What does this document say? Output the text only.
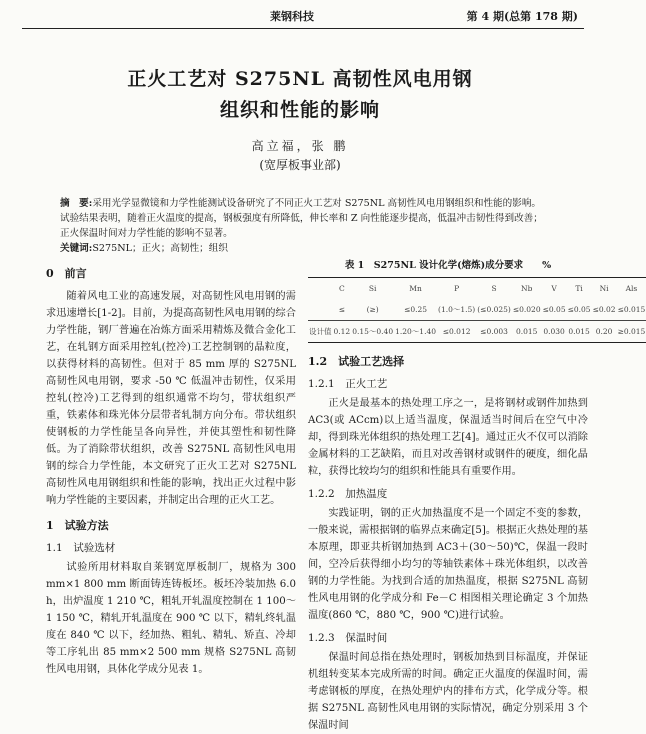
莱钢科技	第 4 期(总第 178 期)
正火工艺对 S275NL 高韧性风电用钢
组织和性能的影响
高立福，张 鹏
(宽厚板事业部)
摘　要:采用光学显微镜和力学性能测试设备研究了不同正火工艺对 S275NL 高韧性风电用钢组织和性能的影响。试验结果表明，随着正火温度的提高，钢板强度有所降低，伸长率和 Z 向性能逐步提高，低温冲击韧性得到改善；正火保温时间对力学性能的影响不显著。
关键词:S275NL；正火；高韧性；组织
0　前言

随着风电工业的高速发展，对高韧性风电用钢的需求迅速增长[1-2]。目前，为提高高韧性风电用钢的综合力学性能，钢厂普遍在冶炼方面采用精炼及微合金化工艺，在轧钢方面采用控轧(控冷)工艺控制钢的晶粒度，以获得材料的高韧性。但对于 85 mm 厚的 S275NL 高韧性风电用钢，要求 -50 ℃ 低温冲击韧性，仅采用控轧(控冷)工艺得到的组织通常不均匀，带状组织严重，铁素体和珠光体分层带者轧制方向分布。带状组织使钢板的力学性能呈各向异性，并使其塑性和韧性降低。为了消除带状组织，改善 S275NL 高韧性风电用钢的综合力学性能，本文研究了正火工艺对 S275NL 高韧性风电用钢组织和性能的影响，找出正火过程中影响力学性能的主要因素，并制定出合理的正火工艺。

1　试验方法
1.1　试验选材

试验所用材料取自莱钢宽厚板制厂，规格为 300 mm×1 800 mm 断面铸连铸板坯。板坯冷装加热 6.0 h，出炉温度 1 210 ℃，粗轧开轧温度控制在 1 100～1 150 ℃，精轧开轧温度在 900 ℃ 以下，精轧终轧温度在 840 ℃ 以下，经加热、粗轧、精轧、矫直、冷却等工序轧出 85 mm×2 500 mm 规格 S275NL 高韧性风电用钢，具体化学成分见表 1。

表 1　S275NL 设计化学(熔炼)成分要求　　%
	C	Si	Mn	P	S	Nb	V	Ti	Ni	Als
	≤	(≥)	≤0.25	(1.0～1.5)	(≤0.025)	≤0.020	≤0.05	≤0.05	≤0.02	≤0.015
设计值	0.12	0.15～0.40	1.20～1.40	≤0.012	≤0.003	0.015	0.030	0.015	0.20	≥0.015
1.2　试验工艺选择
1.2.1　正火工艺

正火是最基本的热处理工序之一，是将钢材或钢件加热到 AC3(或 ACcm)以上适当温度，保温适当时间后在空气中冷却，得到珠光体组织的热处理工艺[4]。通过正火不仅可以消除金属材料的工艺缺陷，而且对改善钢材或钢件的硬度，细化晶粒，获得比较均匀的组织和性能具有重要作用。

1.2.2　加热温度

实践证明，钢的正火加热温度不是一个固定不变的参数，一般来说，需根据钢的临界点来确定[5]。根据正火热处理的基本原理，即亚共析钢加热到 AC3＋(30～50)℃，保温一段时间，空冷后获得细小均匀的等轴铁素体＋珠光体组织，以改善钢的力学性能。为找到合适的加热温度，根据 S275NL 高韧性风电用钢的化学成分和 Fe－C 相图相关理论确定 3 个加热温度(860 ℃，880 ℃，900 ℃)进行试验。

1.2.3　保温时间

保温时间总指在热处理时，钢板加热到目标温度，并保证机组转变某本完成所需的时间。确定正火温度的保温时间，需考虑钢板的厚度，在热处理炉内的排布方式，化学成分等。根据 S275NL 高韧性风电用钢的实际情况，确定分别采用 3 个保温时间
